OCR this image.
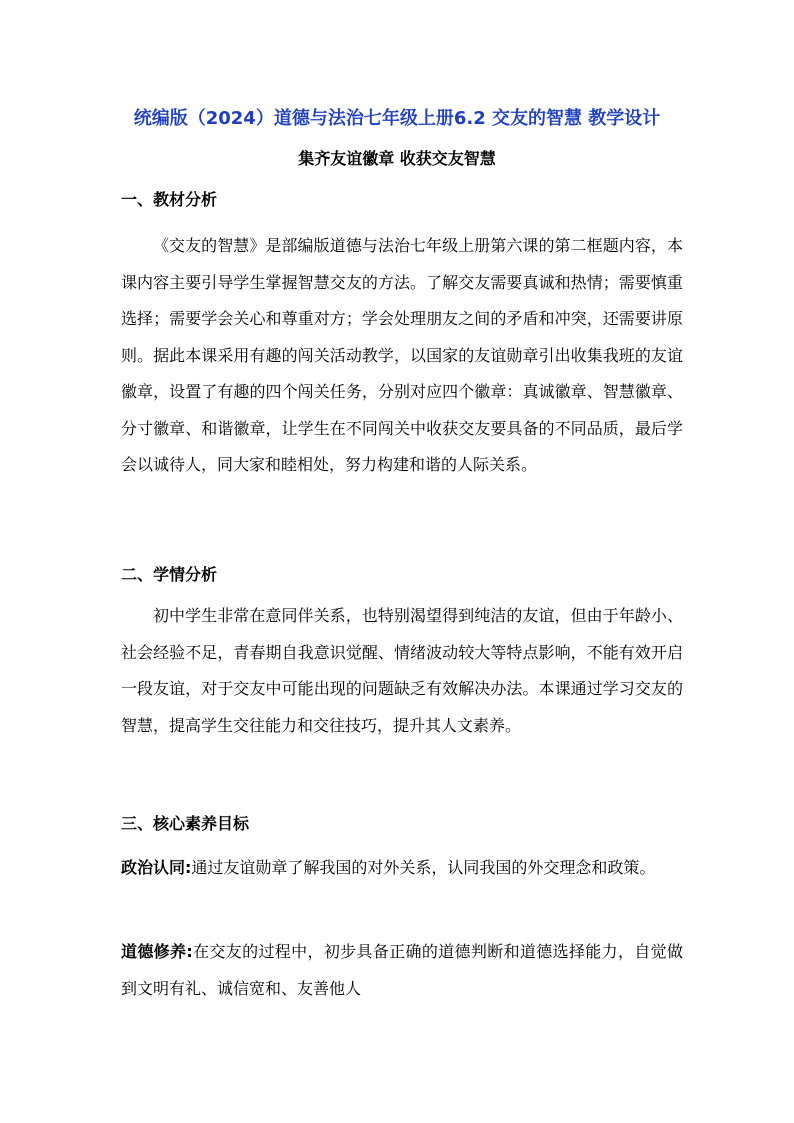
统编版（2024）道德与法治七年级上册6.2 交友的智慧 教学设计
集齐友谊徽章 收获交友智慧
一、教材分析

《交友的智慧》是部编版道德与法治七年级上册第六课的第二框题内容，本课内容主要引导学生掌握智慧交友的方法。了解交友需要真诚和热情；需要慎重选择；需要学会关心和尊重对方；学会处理朋友之间的矛盾和冲突，还需要讲原则。据此本课采用有趣的闯关活动教学，以国家的友谊勋章引出收集我班的友谊徽章，设置了有趣的四个闯关任务，分别对应四个徽章：真诚徽章、智慧徽章、分寸徽章、和谐徽章，让学生在不同闯关中收获交友要具备的不同品质，最后学会以诚待人，同大家和睦相处，努力构建和谐的人际关系。

二、学情分析

初中学生非常在意同伴关系，也特别渴望得到纯洁的友谊，但由于年龄小、社会经验不足，青春期自我意识觉醒、情绪波动较大等特点影响，不能有效开启一段友谊，对于交友中可能出现的问题缺乏有效解决办法。本课通过学习交友的智慧，提高学生交往能力和交往技巧，提升其人文素养。

三、核心素养目标

政治认同:通过友谊勋章了解我国的对外关系，认同我国的外交理念和政策。

道德修养:在交友的过程中，初步具备正确的道德判断和道德选择能力，自觉做到文明有礼、诚信宽和、友善他人
